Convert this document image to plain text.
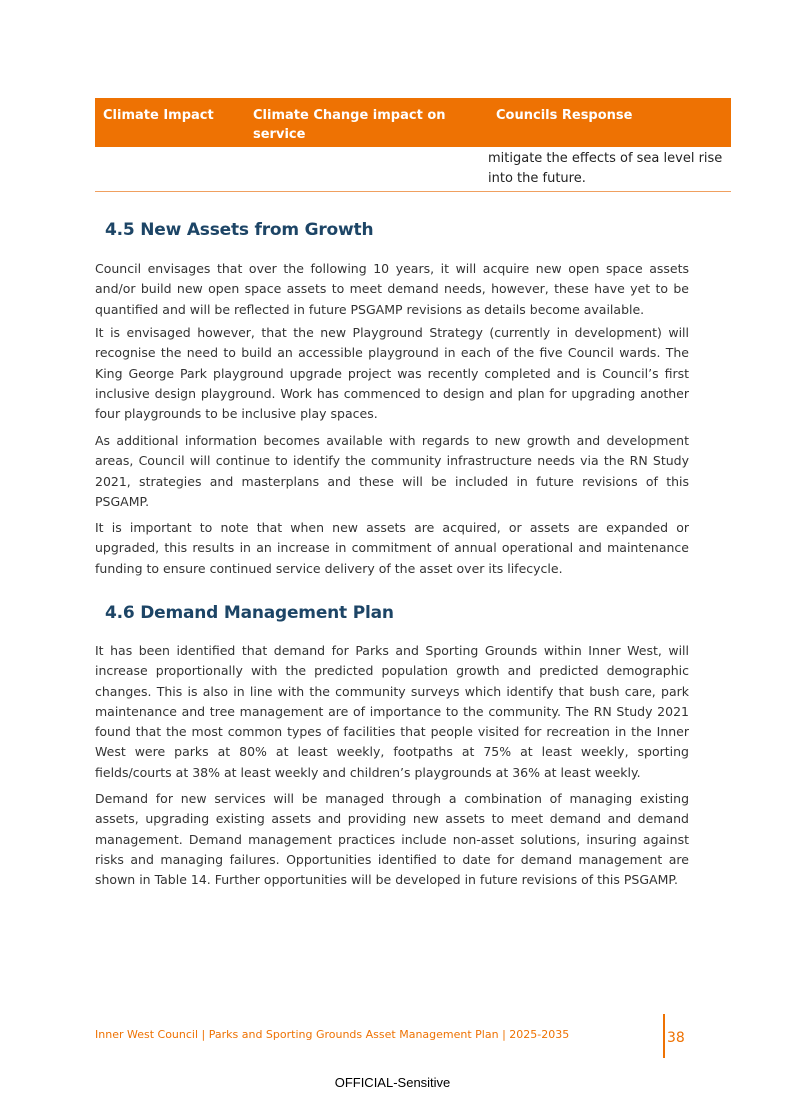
Climate Impact	Climate Change impact on service
Councils Response
mitigate the effects of sea level rise into the future.
4.5 New Assets from Growth

Council envisages that over the following 10 years, it will acquire new open space assets and/or build new open space assets to meet demand needs, however, these have yet to be quantified and will be reflected in future PSGAMP revisions as details become available.

It is envisaged however, that the new Playground Strategy (currently in development) will recognise the need to build an accessible playground in each of the five Council wards. The King George Park playground upgrade project was recently completed and is Council’s first inclusive design playground. Work has commenced to design and plan for upgrading another four playgrounds to be inclusive play spaces.

As additional information becomes available with regards to new growth and development areas, Council will continue to identify the community infrastructure needs via the RN Study 2021, strategies and masterplans and these will be included in future revisions of this PSGAMP.

It is important to note that when new assets are acquired, or assets are expanded or upgraded, this results in an increase in commitment of annual operational and maintenance funding to ensure continued service delivery of the asset over its lifecycle.

4.6 Demand Management Plan

It has been identified that demand for Parks and Sporting Grounds within Inner West, will increase proportionally with the predicted population growth and predicted demographic changes. This is also in line with the community surveys which identify that bush care, park maintenance and tree management are of importance to the community. The RN Study 2021 found that the most common types of facilities that people visited for recreation in the Inner West were parks at 80% at least weekly, footpaths at 75% at least weekly, sporting fields/courts at 38% at least weekly and children’s playgrounds at 36% at least weekly.

Demand for new services will be managed through a combination of managing existing assets, upgrading existing assets and providing new assets to meet demand and demand management. Demand management practices include non-asset solutions, insuring against risks and managing failures. Opportunities identified to date for demand management are shown in Table 14. Further opportunities will be developed in future revisions of this PSGAMP.

Inner West Council | Parks and Sporting Grounds Asset Management Plan | 2025-2035	38
OFFICIAL-Sensitive
